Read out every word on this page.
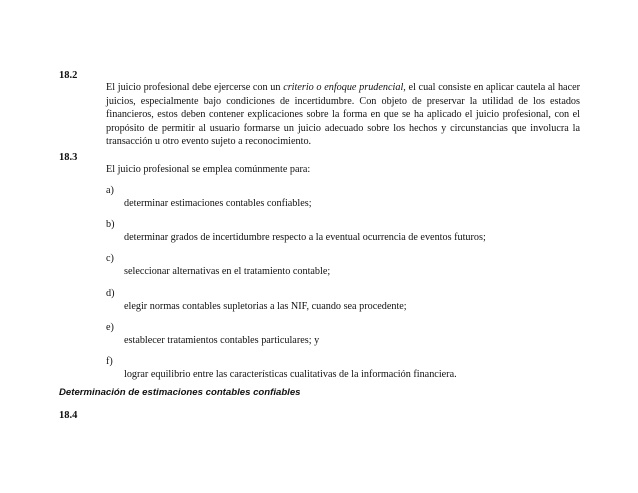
18.2
El juicio profesional debe ejercerse con un criterio o enfoque prudencial, el cual consiste en aplicar cautela al hacer juicios, especialmente bajo condiciones de incertidumbre. Con objeto de preservar la utilidad de los estados financieros, estos deben contener explicaciones sobre la forma en que se ha aplicado el juicio profesional, con el propósito de permitir al usuario formarse un juicio adecuado sobre los hechos y circunstancias que involucra la transacción u otro evento sujeto a reconocimiento.
18.3
El juicio profesional se emplea comúnmente para:
a)
determinar estimaciones contables confiables;
b)
determinar grados de incertidumbre respecto a la eventual ocurrencia de eventos futuros;
c)
seleccionar alternativas en el tratamiento contable;
d)
elegir normas contables supletorias a las NIF, cuando sea procedente;
e)
establecer tratamientos contables particulares; y
f)
lograr equilibrio entre las características cualitativas de la información financiera.
Determinación de estimaciones contables confiables
18.4
